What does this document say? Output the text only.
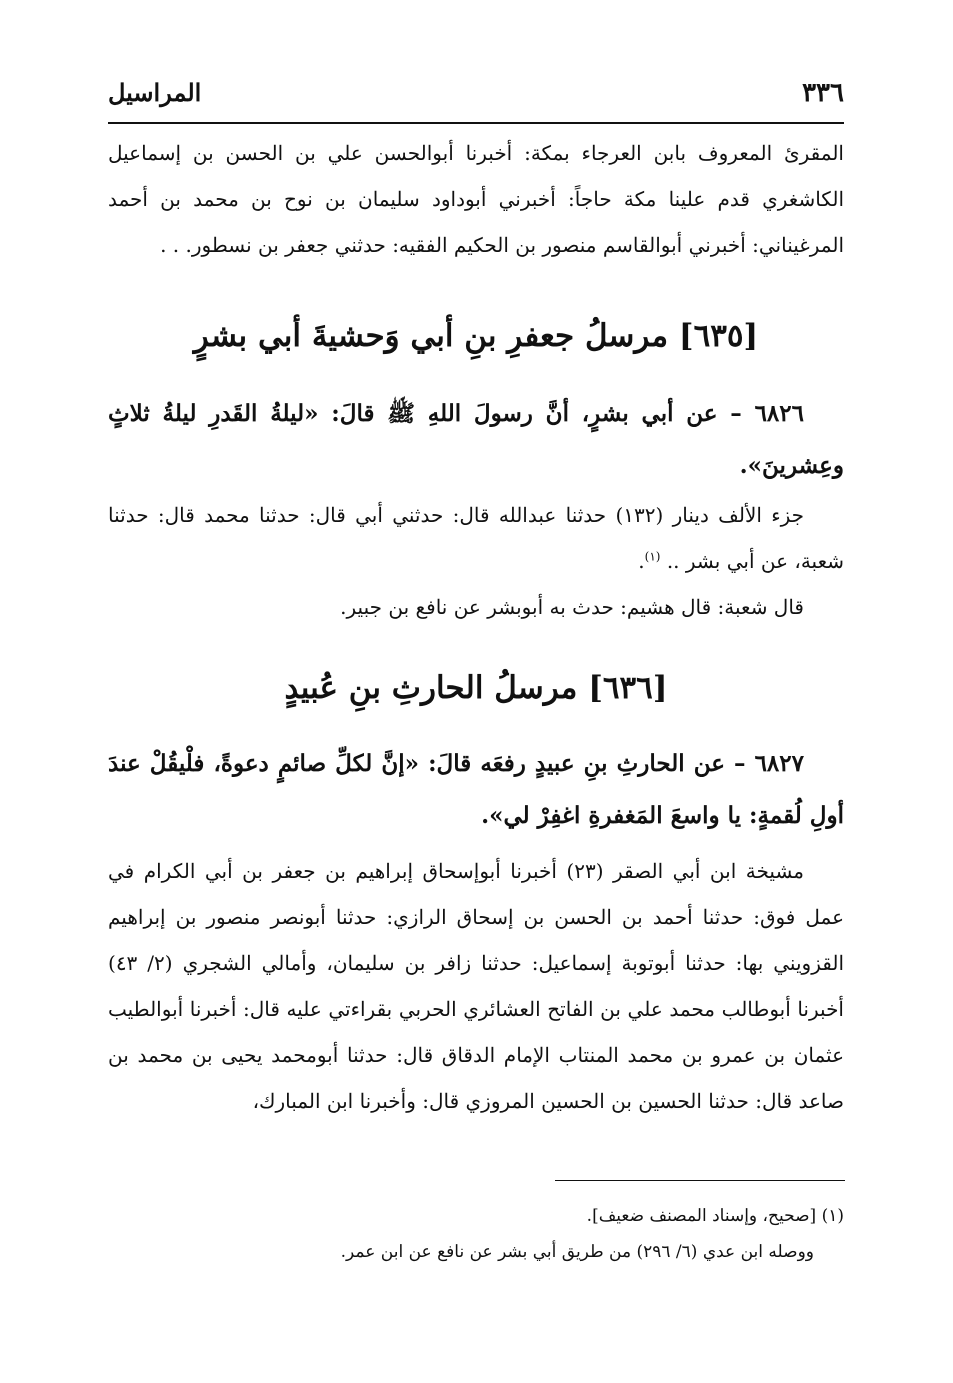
٣٣٦
المراسيل

المقرئ المعروف بابن العرجاء بمكة: أخبرنا أبوالحسن علي بن الحسن بن إسماعيل الكاشغري قدم علينا مكة حاجاً: أخبرني أبوداود سليمان بن نوح بن محمد بن أحمد المرغيناني: أخبرني أبوالقاسم منصور بن الحكيم الفقيه: حدثني جعفر بن نسطور. . .

[٦٣٥] مرسلُ جعفرِ بنِ أبي وَحشيةَ أبي بشرٍ

٦٨٢٦ – عن أبي بشرٍ، أنَّ رسولَ اللهِ ﷺ قالَ: «ليلةُ القَدرِ ليلةُ ثلاثٍ وعِشرينَ».

جزء الألف دينار (١٣٢) حدثنا عبدالله قال: حدثني أبي قال: حدثنا محمد قال: حدثنا شعبة، عن أبي بشر .. $^{(١)}$.

قال شعبة: قال هشيم: حدث به أبوبشر عن نافع بن جبير.

[٦٣٦] مرسلُ الحارثِ بنِ عُبيدٍ

٦٨٢٧ – عن الحارثِ بنِ عبيدٍ رفعَه قالَ: «إنَّ لكلِّ صائمٍ دعوةً، فلْيقُلْ عندَ أولِ لُقمةٍ: يا واسعَ المَغفرةِ اغفِرْ لي».

مشيخة ابن أبي الصقر (٢٣) أخبرنا أبوإسحاق إبراهيم بن جعفر بن أبي الكرام في عمل فوق: حدثنا أحمد بن الحسن بن إسحاق الرازي: حدثنا أبونصر منصور بن إبراهيم القزويني بها: حدثنا أبوتوبة إسماعيل: حدثنا زافر بن سليمان، وأمالي الشجري (٢/ ٤٣) أخبرنا أبوطالب محمد علي بن الفاتح العشائري الحربي بقراءتي عليه قال: أخبرنا أبوالطيب عثمان بن عمرو بن محمد المنتاب الإمام الدقاق قال: حدثنا أبومحمد يحيى بن محمد بن صاعد قال: حدثنا الحسين بن الحسين المروزي قال: وأخبرنا ابن المبارك،

(١) [صحيح، وإسناد المصنف ضعيف].
ووصله ابن عدي (٦/ ٢٩٦) من طريق أبي بشر عن نافع عن ابن عمر.
